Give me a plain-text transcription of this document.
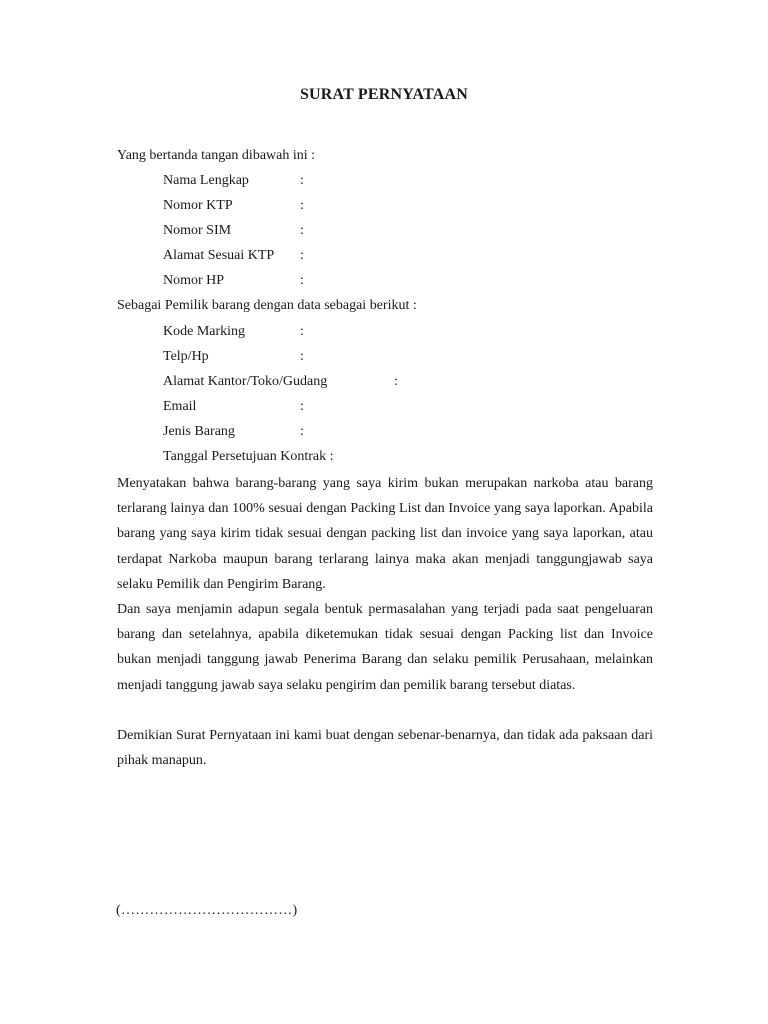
SURAT PERNYATAAN
Yang bertanda tangan dibawah ini :
Nama Lengkap	:
Nomor KTP	:
Nomor SIM	:
Alamat Sesuai KTP :
Nomor HP	:
Sebagai Pemilik barang dengan data sebagai berikut :
Kode Marking	:
Telp/Hp	:
Alamat Kantor/Toko/Gudang	:
Email	:
Jenis Barang	:
Tanggal Persetujuan Kontrak :

Menyatakan bahwa barang-barang yang saya kirim bukan merupakan narkoba atau barang terlarang lainya dan 100% sesuai dengan Packing List dan Invoice yang saya laporkan. Apabila barang yang saya kirim tidak sesuai dengan packing list dan invoice yang saya laporkan, atau terdapat Narkoba maupun barang terlarang lainya maka akan menjadi tanggungjawab saya selaku Pemilik dan Pengirim Barang.

Dan saya menjamin adapun segala bentuk permasalahan yang terjadi pada saat pengeluaran barang dan setelahnya, apabila diketemukan tidak sesuai dengan Packing list dan Invoice bukan menjadi tanggung jawab Penerima Barang dan selaku pemilik Perusahaan, melainkan menjadi tanggung jawab saya selaku pengirim dan pemilik barang tersebut diatas.

Demikian Surat Pernyataan ini kami buat dengan sebenar-benarnya, dan tidak ada paksaan dari pihak manapun.

(………………………………)
